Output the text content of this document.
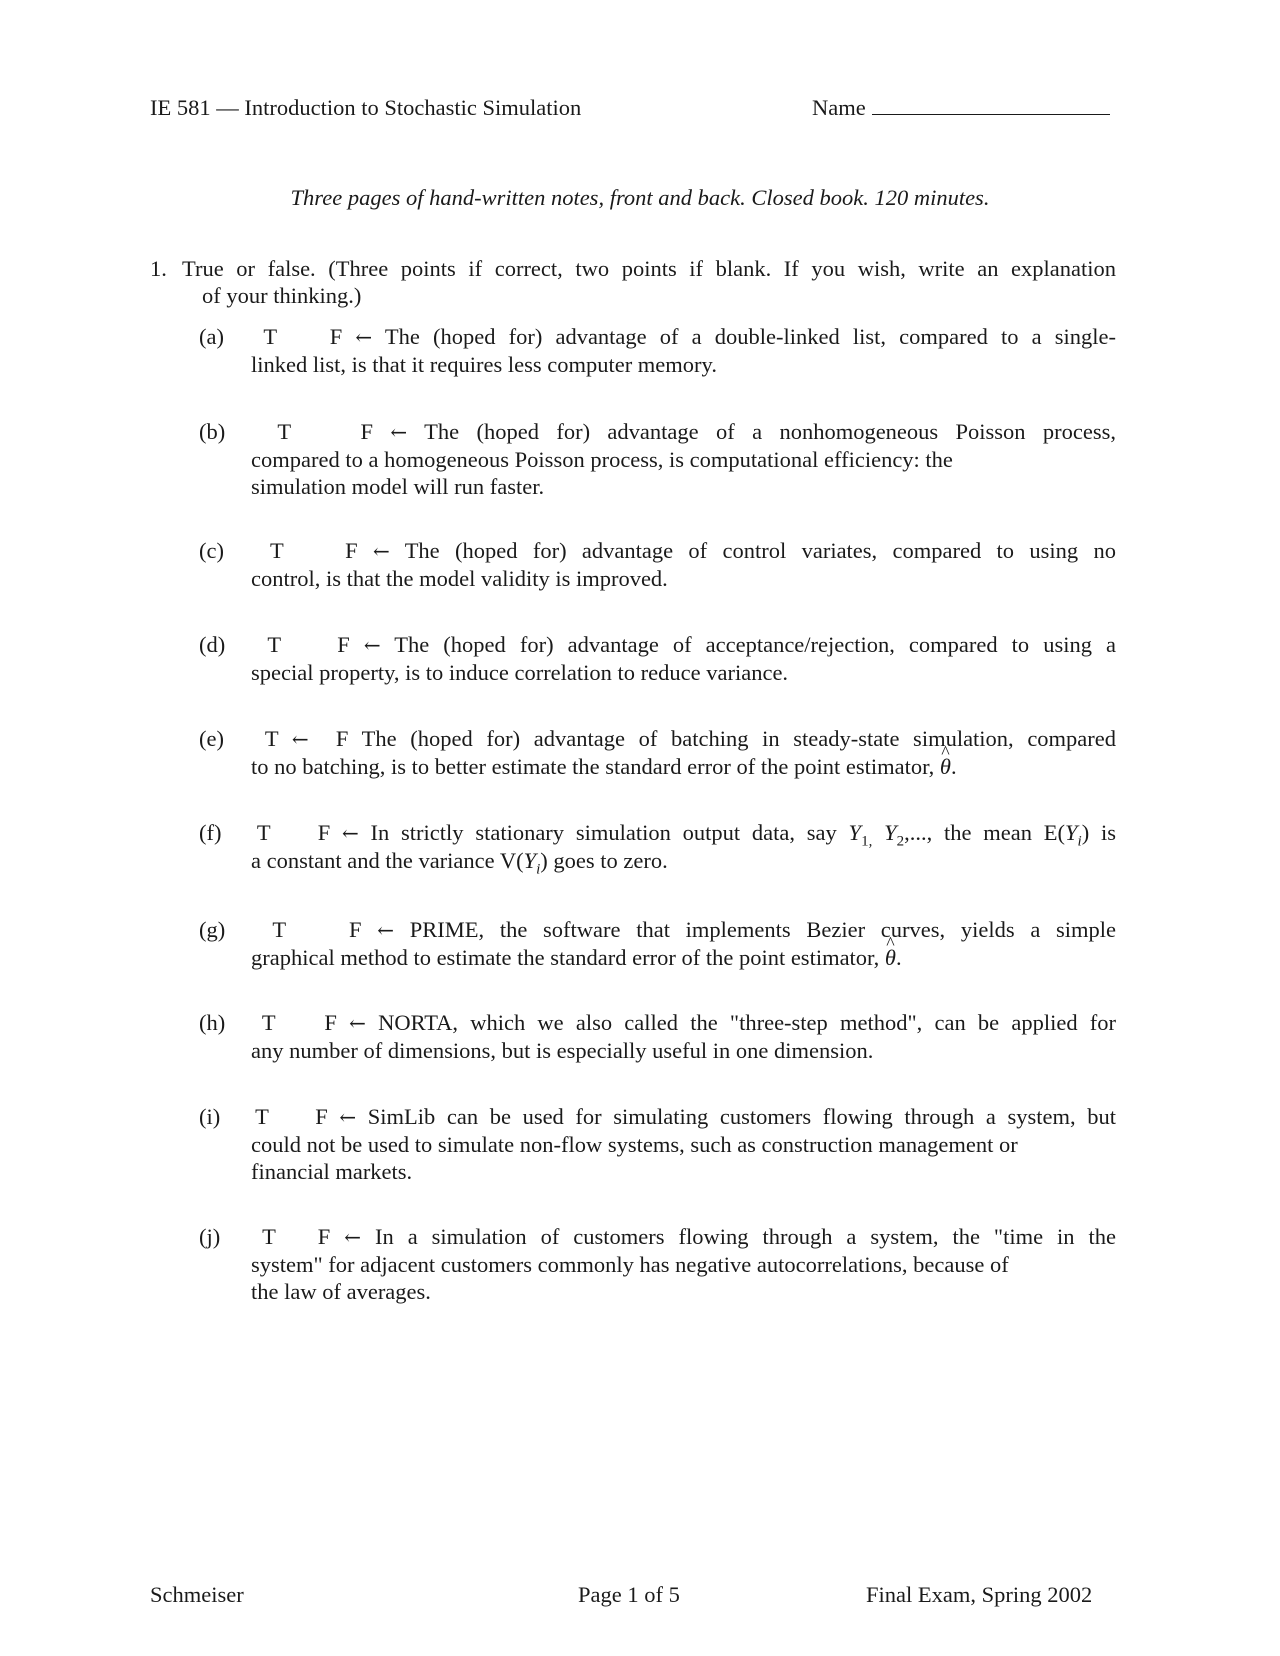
IE 581 — Introduction to Stochastic Simulation	Name
Three pages of hand-written notes, front and back. Closed book. 120 minutes.
1. True or false. (Three points if correct, two points if blank. If you wish, write an explanation
of your thinking.)
(a) T    F ← The (hoped for) advantage of a double-linked list, compared to a single-
linked list, is that it requires less computer memory.
(b) T    F ← The (hoped for) advantage of a nonhomogeneous Poisson process,
compared to a homogeneous Poisson process, is computational efficiency: the
simulation model will run faster.
(c) T    F ← The (hoped for) advantage of control variates, compared to using no
control, is that the model validity is improved.
(d) T    F ← The (hoped for) advantage of acceptance/rejection, compared to using a
special property, is to induce correlation to reduce variance.
(e) T ←  F The (hoped for) advantage of batching in steady-state simulation, compared
to no batching, is to better estimate the standard error of the point estimator, ^ θ.
(f) T    F ← In strictly stationary simulation output data, say $Y_{1,}$ $Y_2$,..., the mean $E(Y_i)$ is
a constant and the variance $V(Y_i)$ goes to zero.
(g) T    F ← PRIME, the software that implements Bezier curves, yields a simple
graphical method to estimate the standard error of the point estimator, ^ θ.
(h) T    F ← NORTA, which we also called the "three-step method", can be applied for
any number of dimensions, but is especially useful in one dimension.
(i) T    F ← SimLib can be used for simulating customers flowing through a system, but
could not be used to simulate non-flow systems, such as construction management or
financial markets.
(j) T   F ← In a simulation of customers flowing through a system, the "time in the
system" for adjacent customers commonly has negative autocorrelations, because of
the law of averages.
Schmeiser	Page 1 of 5	Final Exam, Spring 2002
